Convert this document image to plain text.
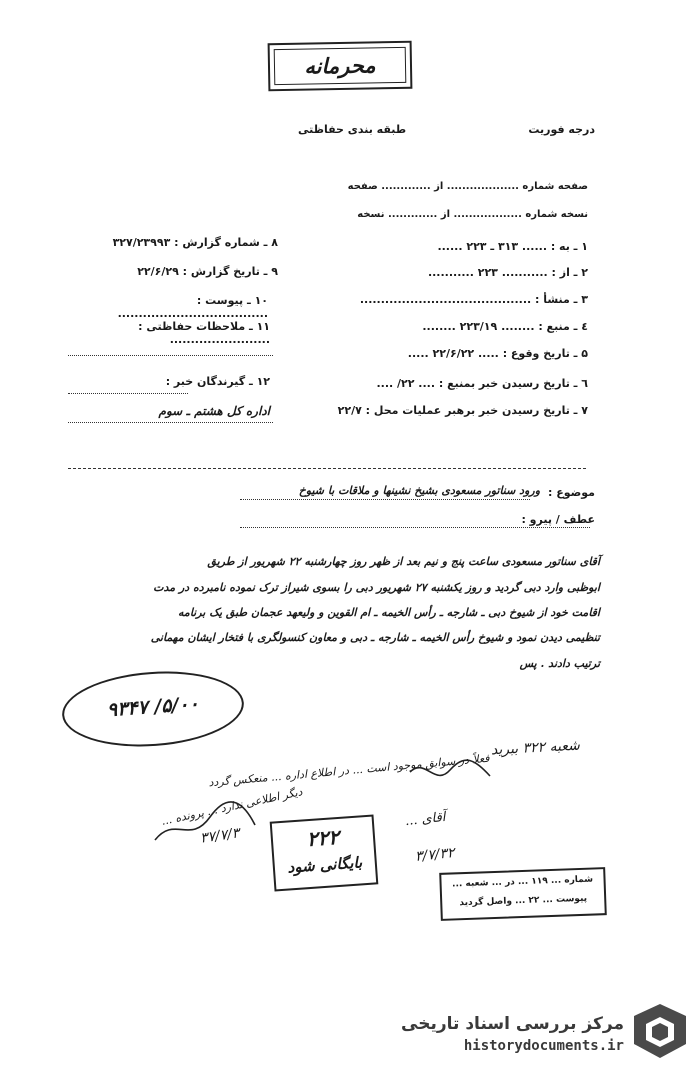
محرمانه
درجه فوریت
طبقه بندی حفاظتی
صفحه شماره ................... از ............. صفحه
نسخه شماره .................. از ............. نسخه
۱ ـ به : ...... ۳۱۳ ـ ۲۲۳ ......
۲ ـ از : ........... ۲۲۳ ...........
۳ ـ منشأ : .........................................
٤ ـ منبع : ........ ۲۲۳/۱۹ ........
۵ ـ تاریخ وقوع : ..... ۲۲/۶/۲۲ .....
٦ ـ تاریخ رسیدن خبر بمنبع : .... ۲۲/ ....
۷ ـ تاریخ رسیدن خبر برهبر عملیات محل : ۲۲/۷
۸ ـ شماره گزارش : ۳۲۷/۲۳۹۹۳
۹ ـ تاریخ گزارش : ۲۲/۶/۲۹
۱۰ ـ پیوست : ....................................
۱۱ ـ ملاحظات حفاظتی : ........................
۱۲ ـ گیرندگان خبر :
اداره کل هشتم ـ سوم
موضوع :
ورود سناتور مسعودی بشیخ نشینها و ملاقات با شیوخ
عطف / پیرو :
آقای سناتور مسعودی ساعت پنج و نیم بعد از ظهر روز چهارشنبه ۲۲ شهریور از طریق
ابوظبی وارد دبی گردید و روز یکشنبه ۲۷ شهریور دبی را بسوی شیراز ترک نموده نامبرده در مدت
اقامت خود از شیوخ دبی ـ شارجه ـ رأس الخیمه ـ ام القوین و ولیعهد عجمان طبق یک برنامه
تنظیمی دیدن نمود و شیوخ رأس الخیمه ـ شارجه ـ دبی و معاون کنسولگری با فتخار ایشان مهمانی
ترتیب دادند . پس
۹۳۴۷ /۵/۰۰
شعبه ۳۲۲ ببرید
فعلاً در سوابق موجود است ... در اطلاع اداره ... منعکس گردد
دیگر اطلاعی ندارد ... پرونده ...
۳۷/۷/۳
آقای ...
۳/۷/۳۲
۲۲۲
بایگانی شود
شماره ... ۱۱۹ ... در ... شعبه ...
پیوست ... ۲۲ ... واصل گردید
مرکز بررسی اسناد تاریخی
historydocuments.ir
